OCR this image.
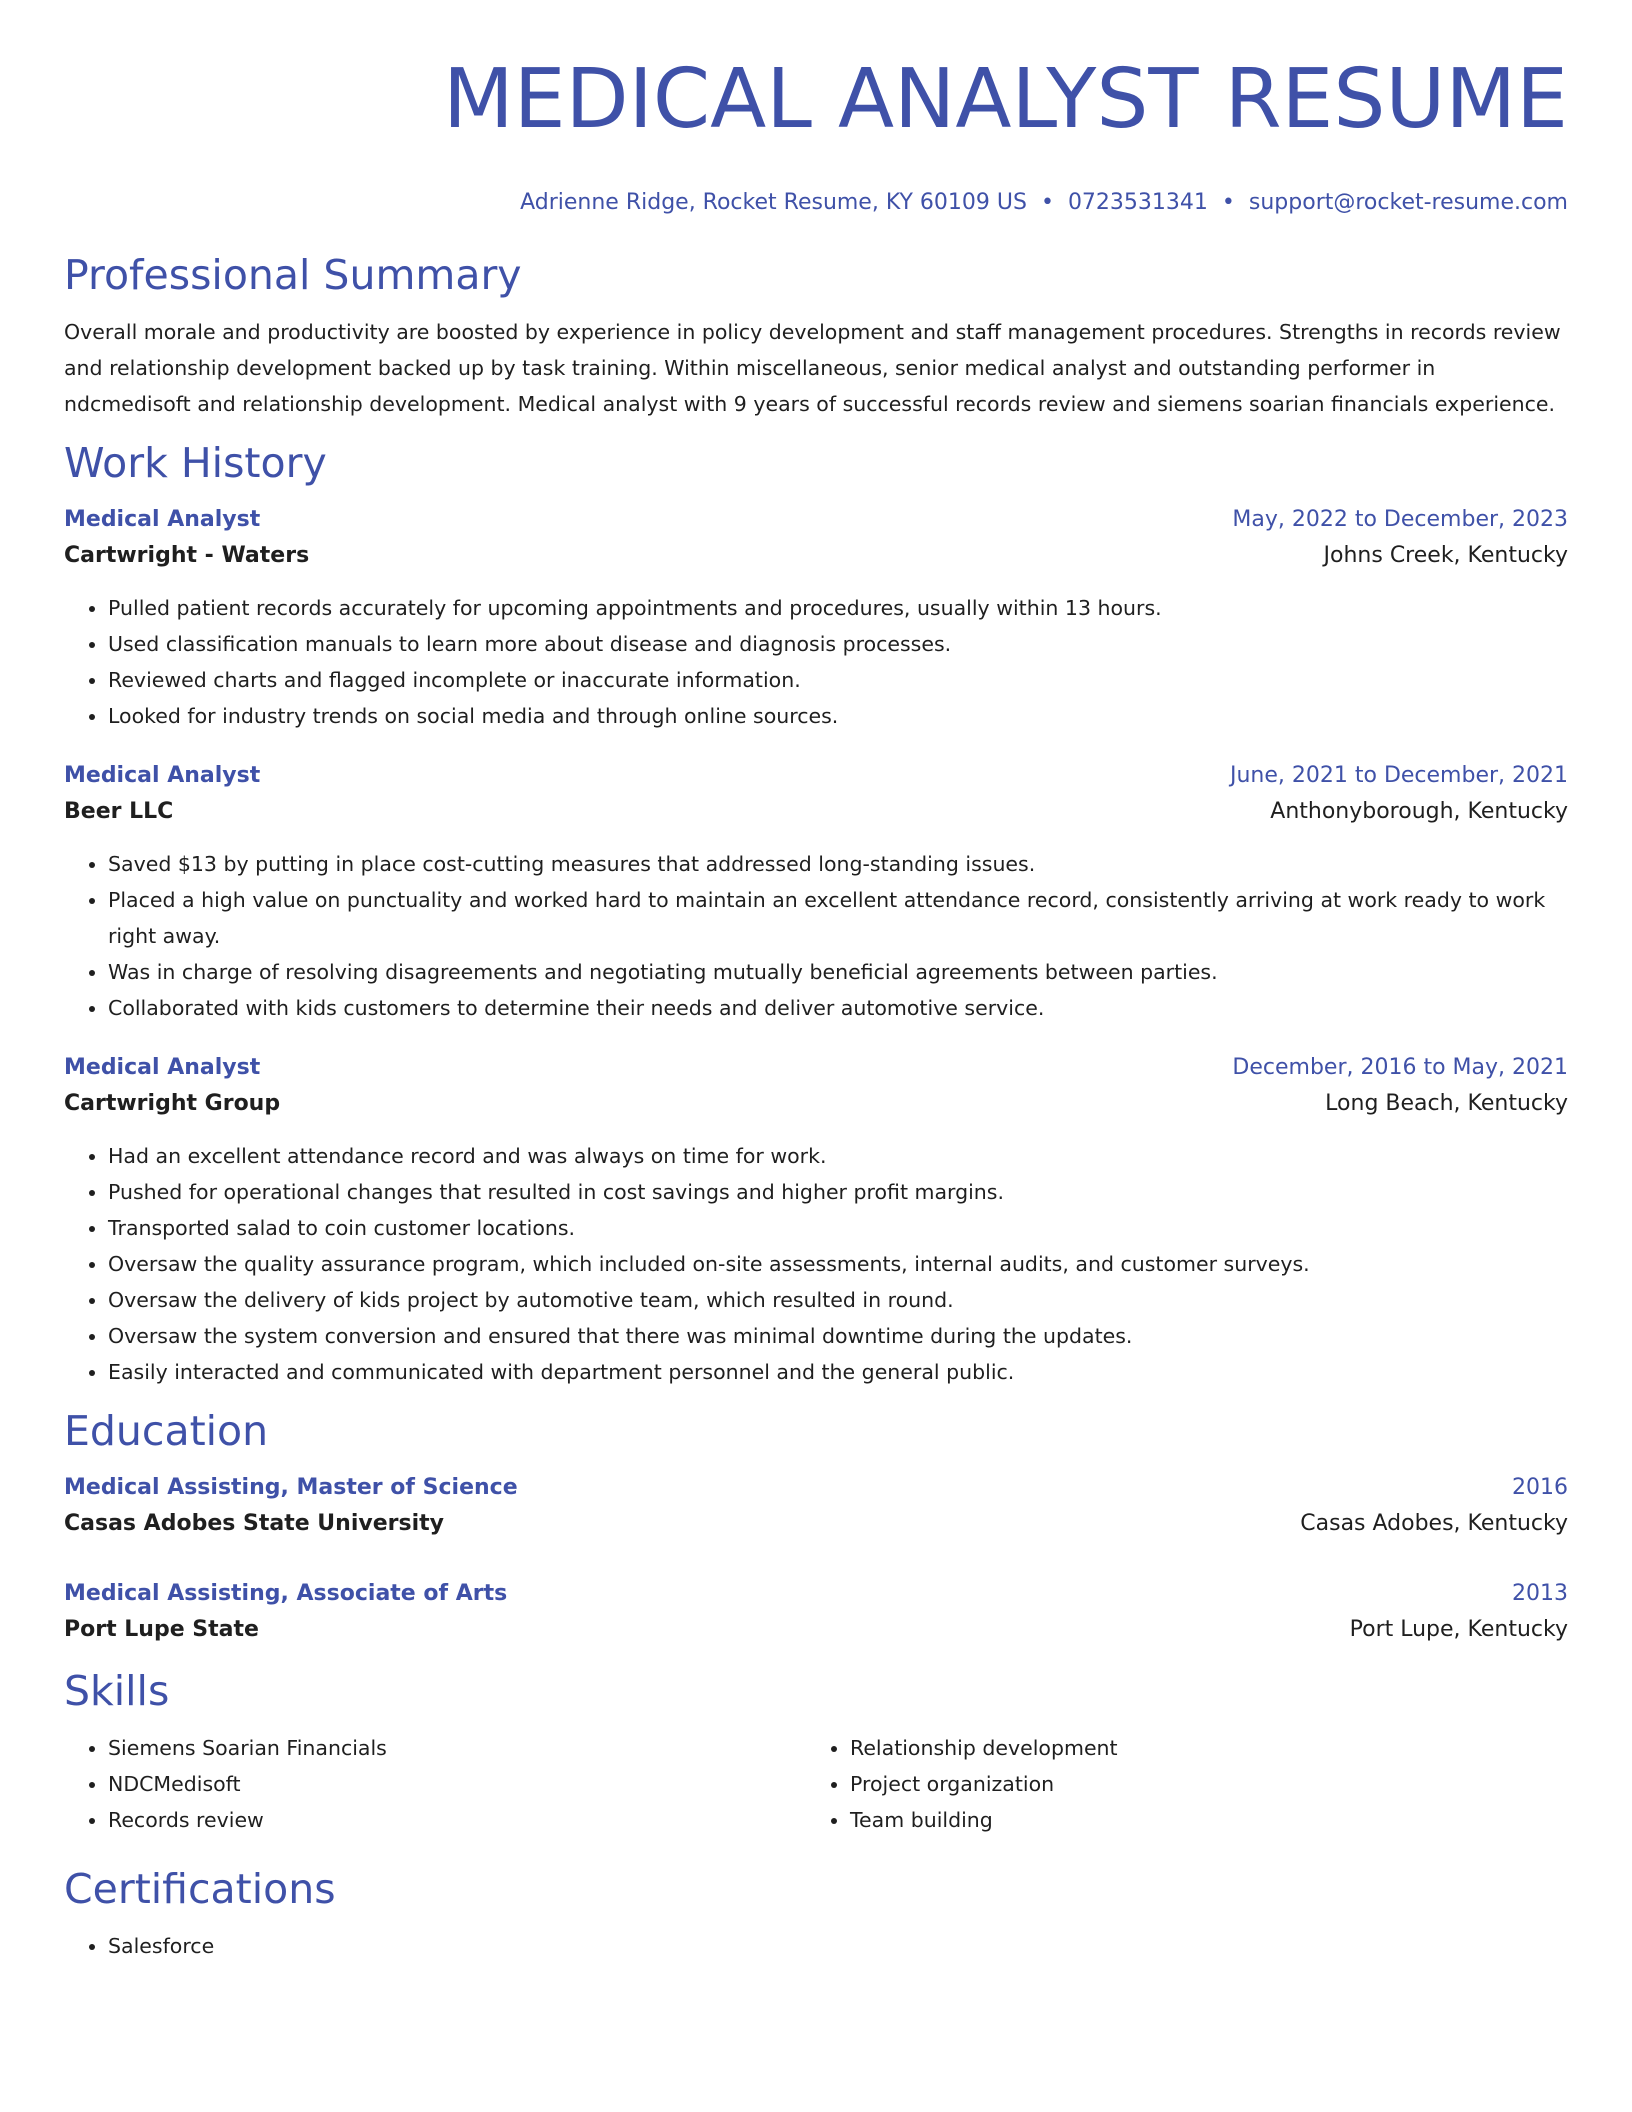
MEDICAL ANALYST RESUME
Adrienne Ridge, Rocket Resume, KY 60109 US • 0723531341 • support@rocket-resume.com
Professional Summary
Overall morale and productivity are boosted by experience in policy development and staff management procedures. Strengths in records review and relationship development backed up by task training. Within miscellaneous, senior medical analyst and outstanding performer in ndcmedisoft and relationship development. Medical analyst with 9 years of successful records review and siemens soarian financials experience.
Work History
Medical Analyst	May, 2022 to December, 2023
Cartwright - Waters	Johns Creek, Kentucky
• Pulled patient records accurately for upcoming appointments and procedures, usually within 13 hours.
• Used classification manuals to learn more about disease and diagnosis processes.
• Reviewed charts and flagged incomplete or inaccurate information.
• Looked for industry trends on social media and through online sources.
Medical Analyst	June, 2021 to December, 2021
Beer LLC	Anthonyborough, Kentucky
• Saved $13 by putting in place cost-cutting measures that addressed long-standing issues.
• Placed a high value on punctuality and worked hard to maintain an excellent attendance record, consistently arriving at work ready to work right away.
• Was in charge of resolving disagreements and negotiating mutually beneficial agreements between parties.
• Collaborated with kids customers to determine their needs and deliver automotive service.
Medical Analyst	December, 2016 to May, 2021
Cartwright Group	Long Beach, Kentucky
• Had an excellent attendance record and was always on time for work.
• Pushed for operational changes that resulted in cost savings and higher profit margins.
• Transported salad to coin customer locations.
• Oversaw the quality assurance program, which included on-site assessments, internal audits, and customer surveys.
• Oversaw the delivery of kids project by automotive team, which resulted in round.
• Oversaw the system conversion and ensured that there was minimal downtime during the updates.
• Easily interacted and communicated with department personnel and the general public.
Education
Medical Assisting, Master of Science	2016
Casas Adobes State University	Casas Adobes, Kentucky
Medical Assisting, Associate of Arts	2013
Port Lupe State	Port Lupe, Kentucky
Skills
• Siemens Soarian Financials
• NDCMedisoft
• Records review
• Relationship development
• Project organization
• Team building
Certifications
• Salesforce
